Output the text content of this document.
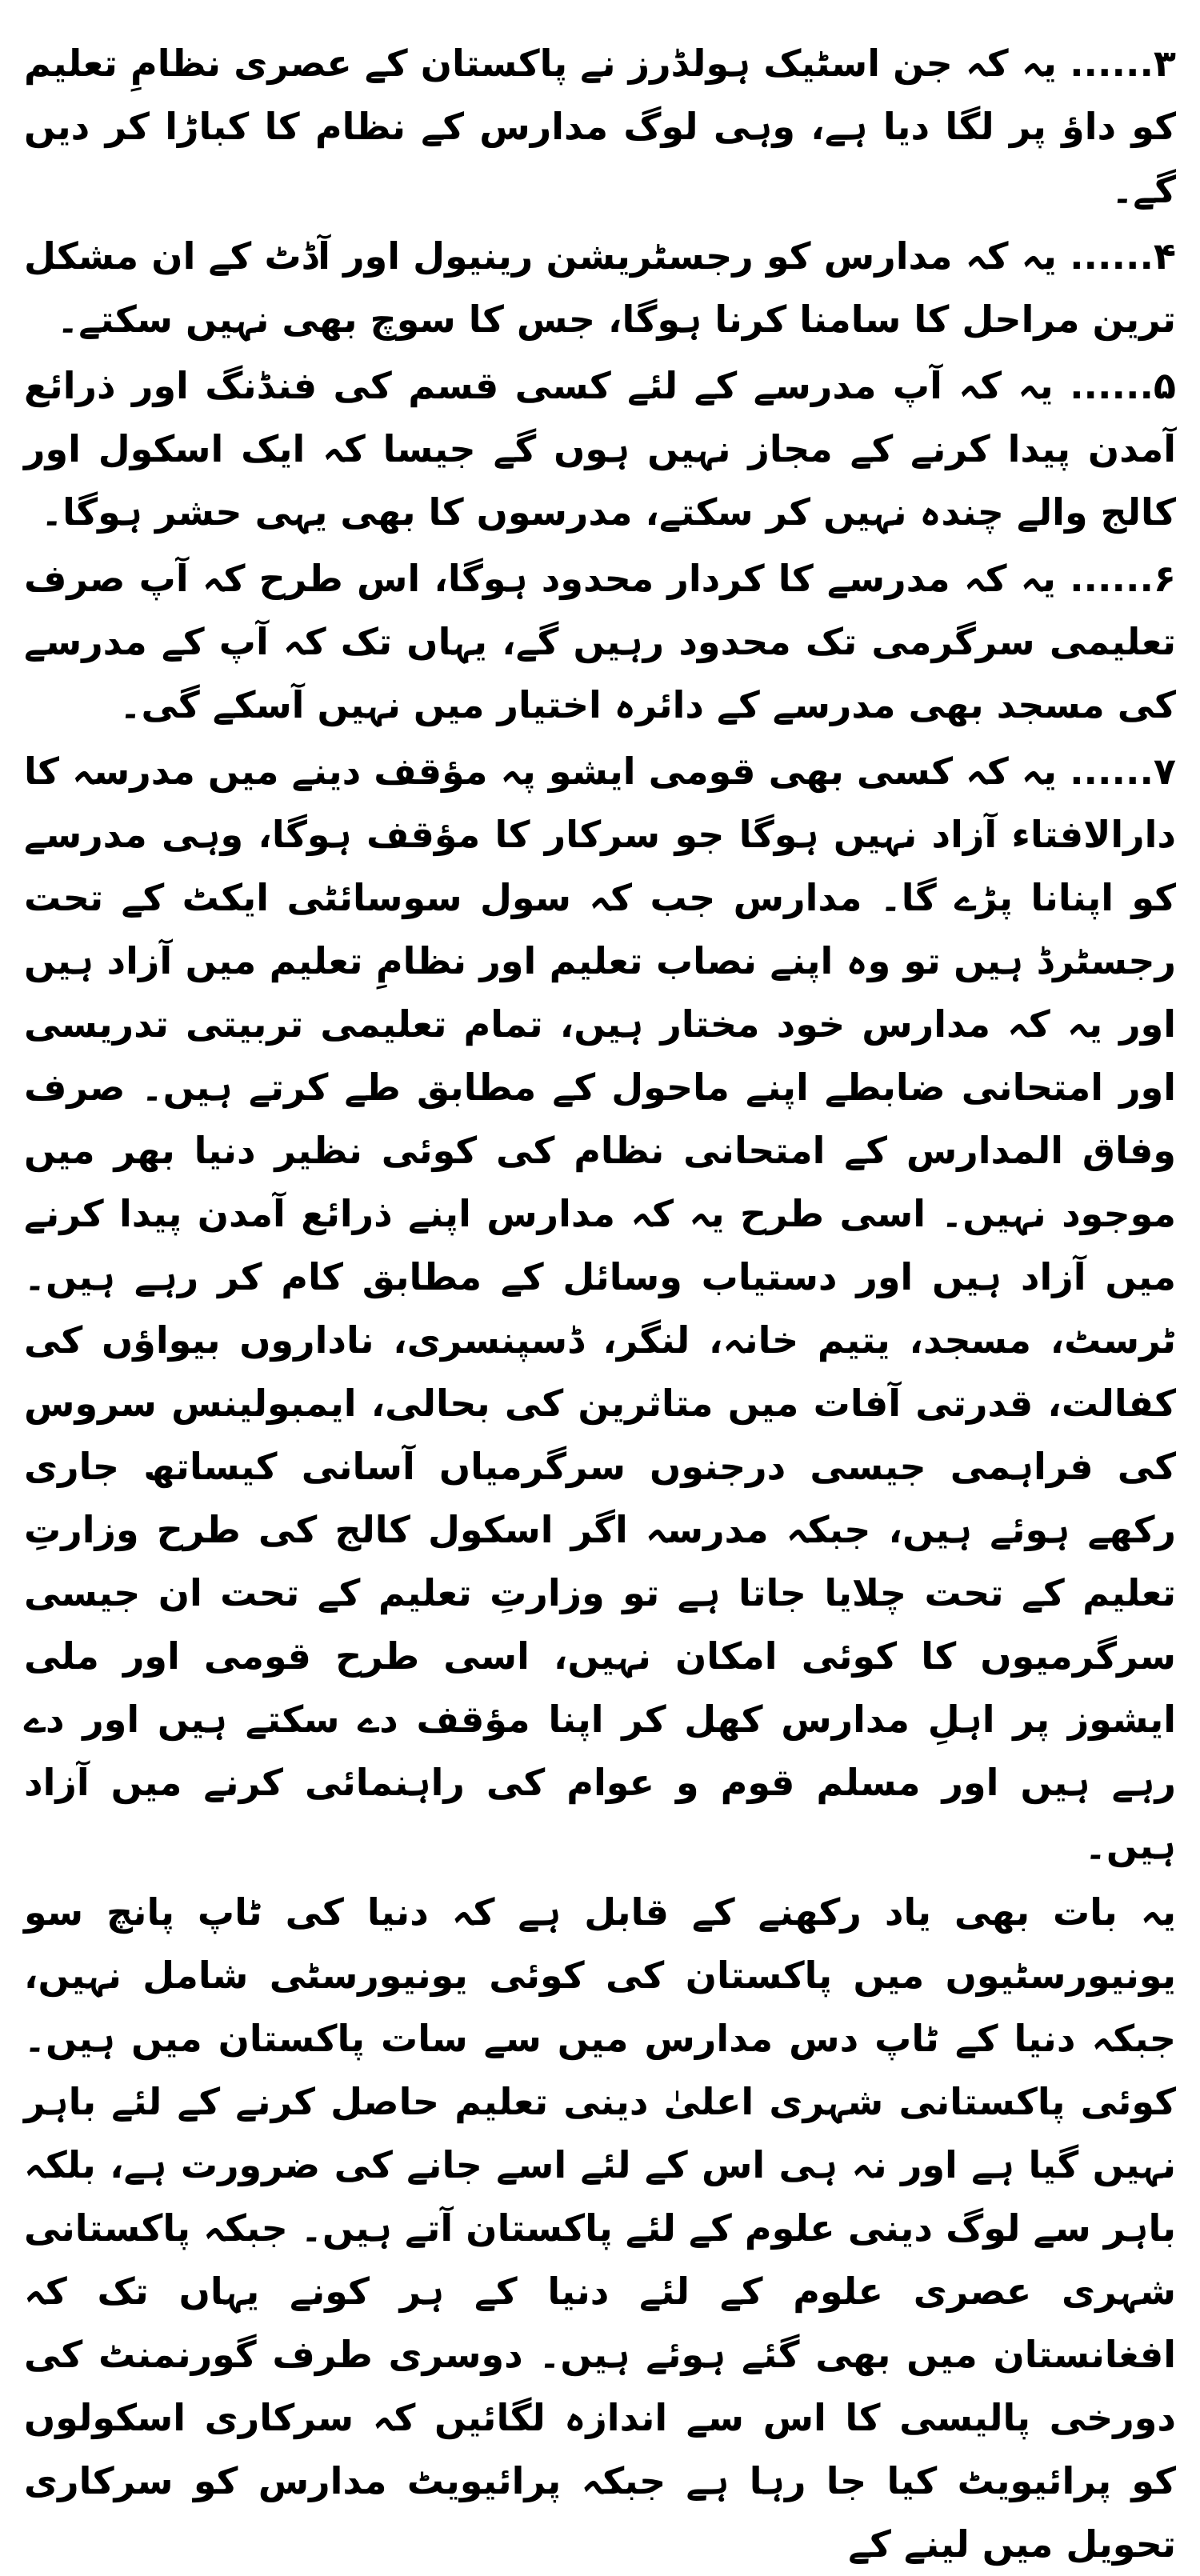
۳...... یہ کہ جن اسٹیک ہولڈرز نے پاکستان کے عصری نظامِ تعلیم کو داؤ پر لگا دیا ہے، وہی لوگ مدارس کے نظام کا کباڑا کر دیں گے۔

۴...... یہ کہ مدارس کو رجسٹریشن رینیول اور آڈٹ کے ان مشکل ترین مراحل کا سامنا کرنا ہوگا، جس کا سوچ بھی نہیں سکتے۔

۵...... یہ کہ آپ مدرسے کے لئے کسی قسم کی فنڈنگ اور ذرائع آمدن پیدا کرنے کے مجاز نہیں ہوں گے جیسا کہ ایک اسکول اور کالج والے چندہ نہیں کر سکتے، مدرسوں کا بھی یہی حشر ہوگا۔

۶...... یہ کہ مدرسے کا کردار محدود ہوگا، اس طرح کہ آپ صرف تعلیمی سرگرمی تک محدود رہیں گے، یہاں تک کہ آپ کے مدرسے کی مسجد بھی مدرسے کے دائرہ اختیار میں نہیں آسکے گی۔

۷...... یہ کہ کسی بھی قومی ایشو پہ مؤقف دینے میں مدرسہ کا دارالافتاء آزاد نہیں ہوگا جو سرکار کا مؤقف ہوگا، وہی مدرسے کو اپنانا پڑے گا۔ مدارس جب کہ سول سوسائٹی ایکٹ کے تحت رجسٹرڈ ہیں تو وہ اپنے نصاب تعلیم اور نظامِ تعلیم میں آزاد ہیں اور یہ کہ مدارس خود مختار ہیں، تمام تعلیمی تربیتی تدریسی اور امتحانی ضابطے اپنے ماحول کے مطابق طے کرتے ہیں۔ صرف وفاق المدارس کے امتحانی نظام کی کوئی نظیر دنیا بھر میں موجود نہیں۔ اسی طرح یہ کہ مدارس اپنے ذرائع آمدن پیدا کرنے میں آزاد ہیں اور دستیاب وسائل کے مطابق کام کر رہے ہیں۔ ٹرسٹ، مسجد، یتیم خانہ، لنگر، ڈسپنسری، ناداروں بیواؤں کی کفالت، قدرتی آفات میں متاثرین کی بحالی، ایمبولینس سروس کی فراہمی جیسی درجنوں سرگرمیاں آسانی کیساتھ جاری رکھے ہوئے ہیں، جبکہ مدرسہ اگر اسکول کالج کی طرح وزارتِ تعلیم کے تحت چلایا جاتا ہے تو وزارتِ تعلیم کے تحت ان جیسی سرگرمیوں کا کوئی امکان نہیں، اسی طرح قومی اور ملی ایشوز پر اہلِ مدارس کھل کر اپنا مؤقف دے سکتے ہیں اور دے رہے ہیں اور مسلم قوم و عوام کی راہنمائی کرنے میں آزاد ہیں۔

یہ بات بھی یاد رکھنے کے قابل ہے کہ دنیا کی ٹاپ پانچ سو یونیورسٹیوں میں پاکستان کی کوئی یونیورسٹی شامل نہیں، جبکہ دنیا کے ٹاپ دس مدارس میں سے سات پاکستان میں ہیں۔ کوئی پاکستانی شہری اعلیٰ دینی تعلیم حاصل کرنے کے لئے باہر نہیں گیا ہے اور نہ ہی اس کے لئے اسے جانے کی ضرورت ہے، بلکہ باہر سے لوگ دینی علوم کے لئے پاکستان آتے ہیں۔ جبکہ پاکستانی شہری عصری علوم کے لئے دنیا کے ہر کونے یہاں تک کہ افغانستان میں بھی گئے ہوئے ہیں۔ دوسری طرف گورنمنٹ کی دورخی پالیسی کا اس سے اندازہ لگائیں کہ سرکاری اسکولوں کو پرائیویٹ کیا جا رہا ہے جبکہ پرائیویٹ مدارس کو سرکاری تحویل میں لینے کے
